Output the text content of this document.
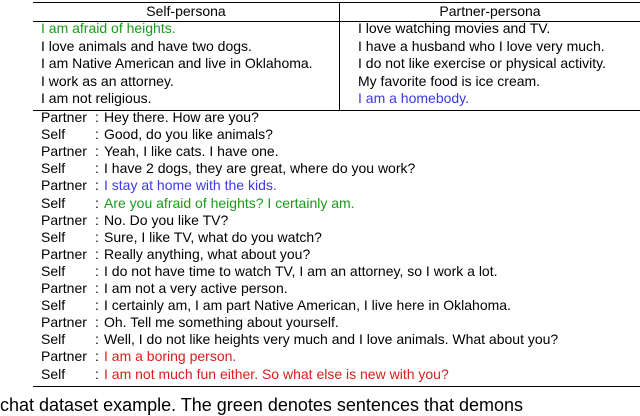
Self-persona	Partner-persona
I am afraid of heights.
I love animals and have two dogs.
I am Native American and live in Oklahoma.
I work as an attorney.
I am not religious.
I love watching movies and TV.
I have a husband who I love very much.
I do not like exercise or physical activity.
My favorite food is ice cream.
I am a homebody.
Partner : Hey there. How are you?
Self : Good, do you like animals?
Partner : Yeah, I like cats. I have one.
Self : I have 2 dogs, they are great, where do you work?
Partner : I stay at home with the kids.
Self : Are you afraid of heights? I certainly am.
Partner : No. Do you like TV?
Self : Sure, I like TV, what do you watch?
Partner : Really anything, what about you?
Self : I do not have time to watch TV, I am an attorney, so I work a lot.
Partner : I am not a very active person.
Self : I certainly am, I am part Native American, I live here in Oklahoma.
Partner : Oh. Tell me something about yourself.
Self : Well, I do not like heights very much and I love animals. What about you?
Partner : I am a boring person.
Self : I am not much fun either. So what else is new with you?
chat dataset example. The green denotes sentences that demons
